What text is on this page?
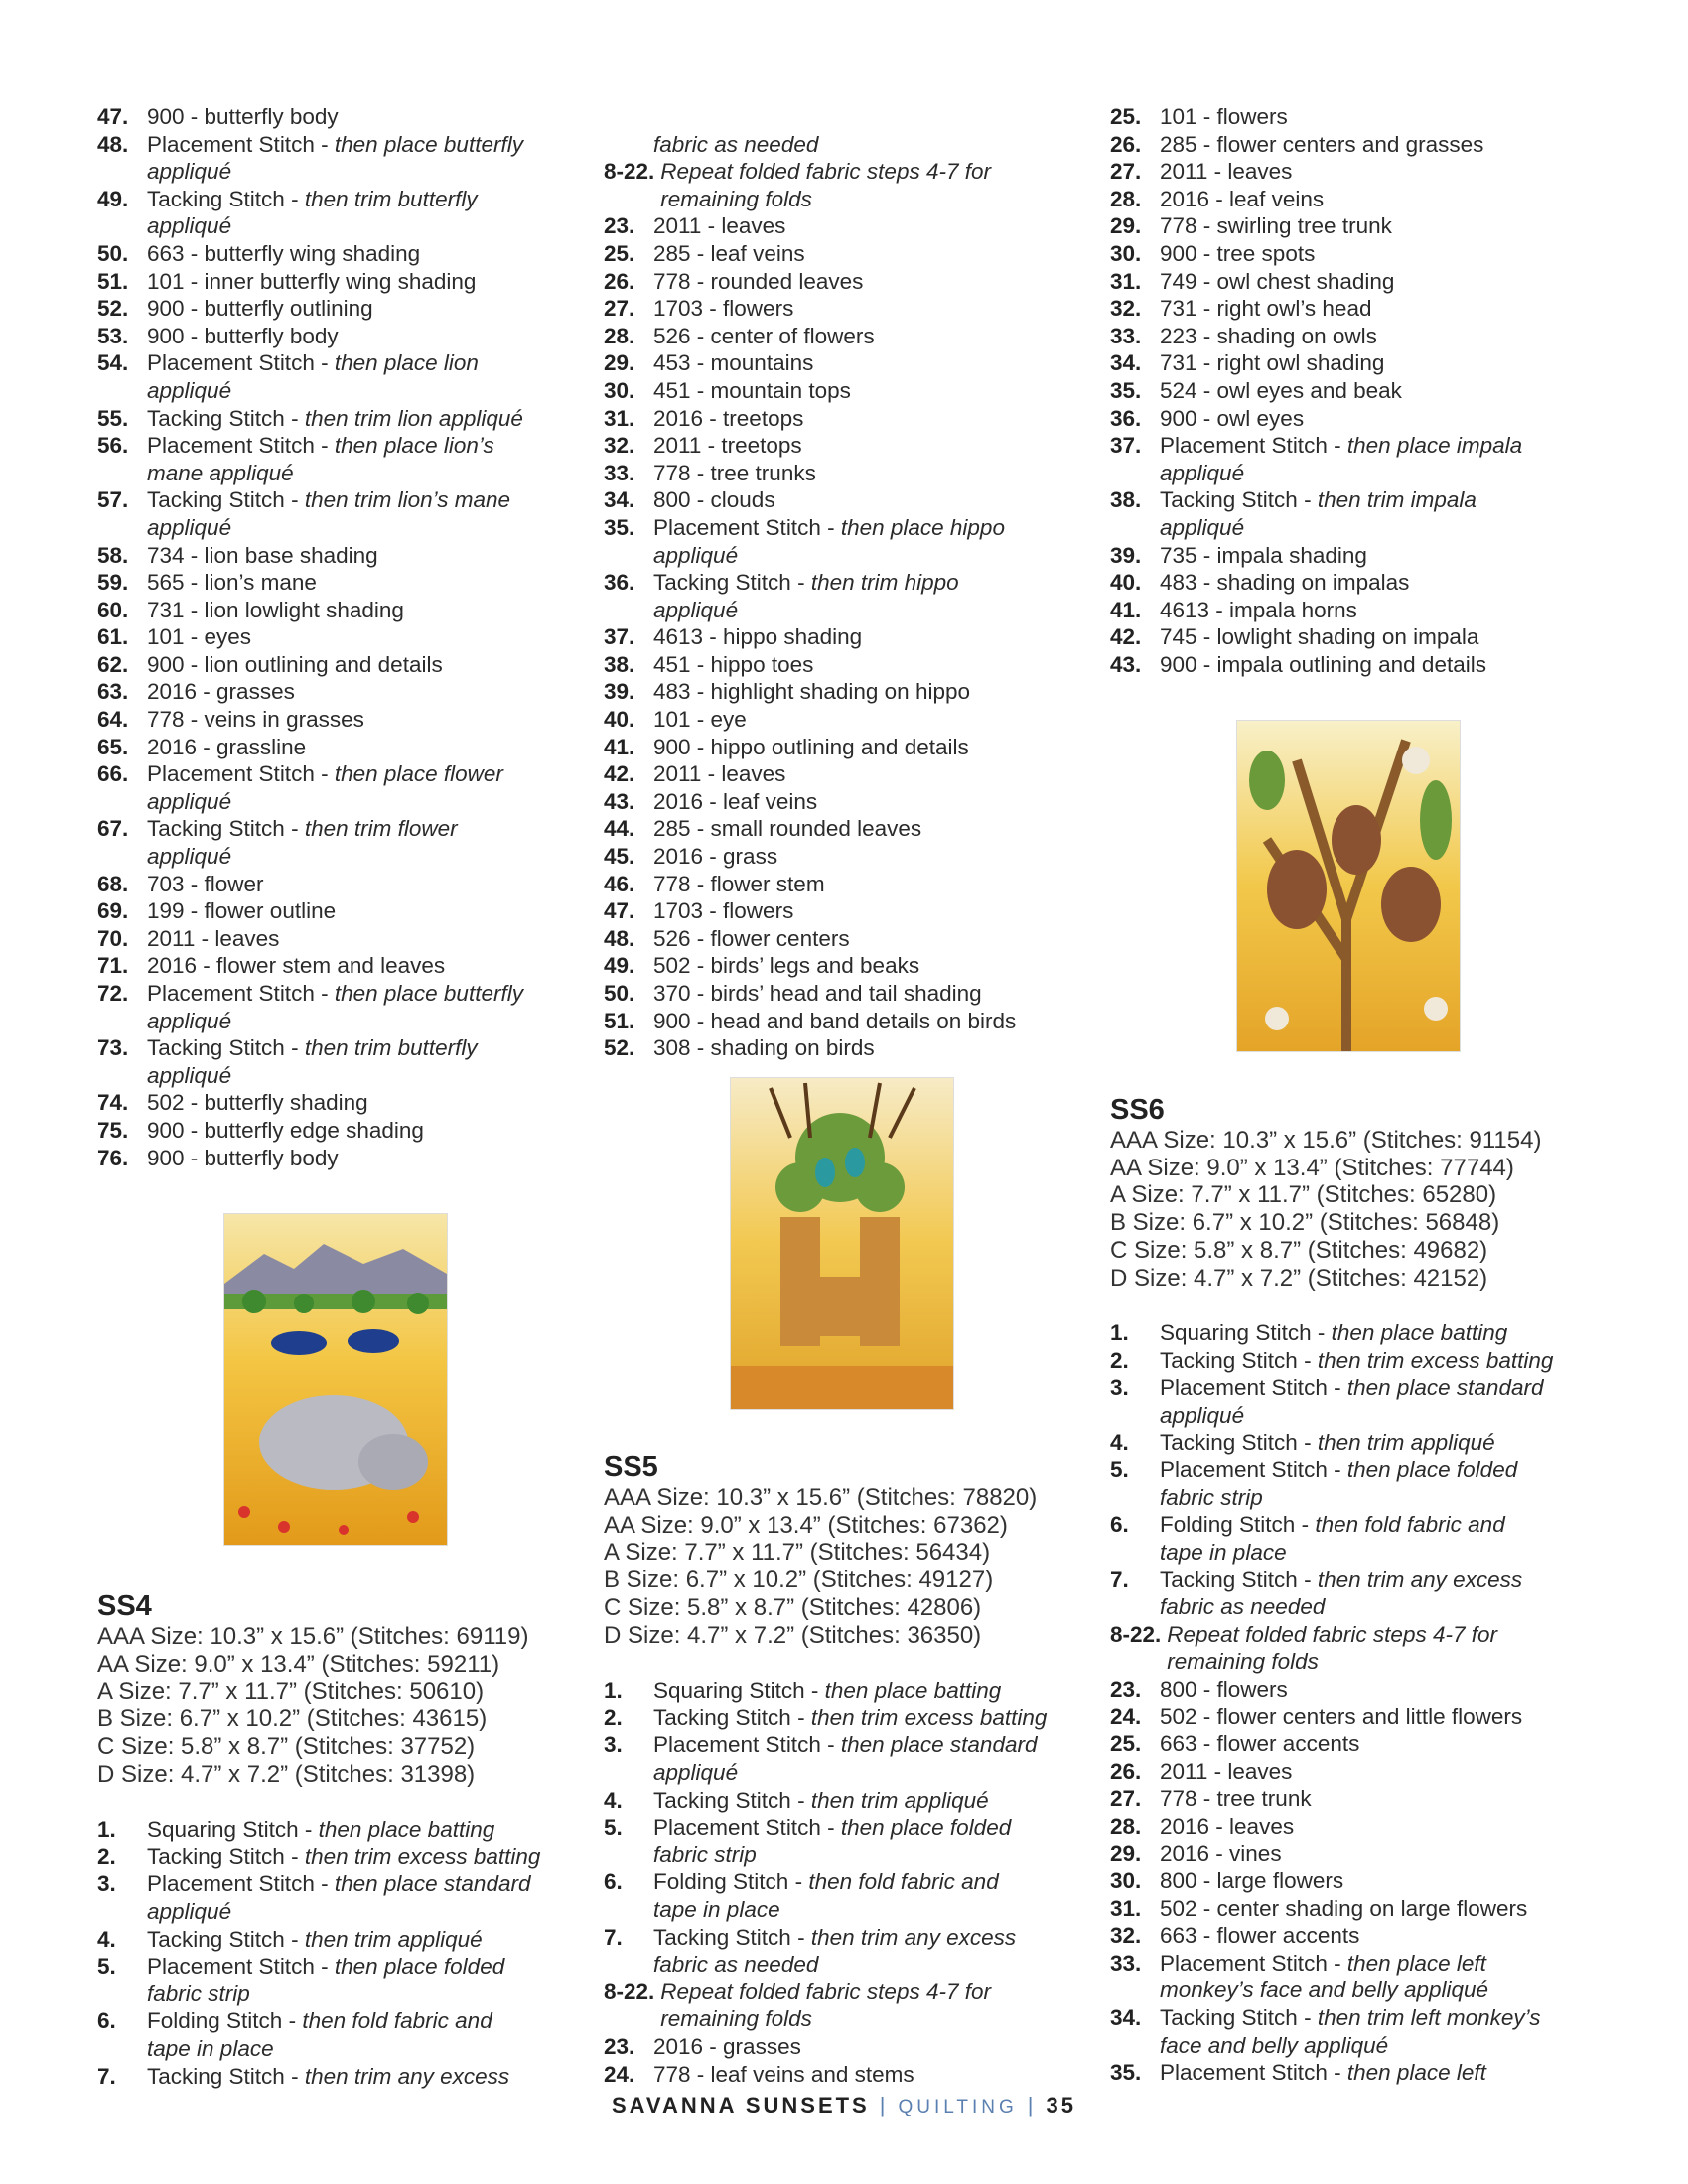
47. 900 - butterfly body
48. Placement Stitch - then place butterfly
appliqué
49. Tacking Stitch - then trim butterfly
appliqué
50. 663 - butterfly wing shading
51. 101 - inner butterfly wing shading
52. 900 - butterfly outlining
53. 900 - butterfly body
54. Placement Stitch - then place lion
appliqué
55. Tacking Stitch - then trim lion appliqué
56. Placement Stitch - then place lion’s
mane appliqué
57. Tacking Stitch - then trim lion’s mane
appliqué
58. 734 - lion base shading
59. 565 - lion’s mane
60. 731 - lion lowlight shading
61. 101 - eyes
62. 900 - lion outlining and details
63. 2016 - grasses
64. 778 - veins in grasses
65. 2016 - grassline
66. Placement Stitch - then place flower
appliqué
67. Tacking Stitch - then trim flower
appliqué
68. 703 - flower
69. 199 - flower outline
70. 2011 - leaves
71. 2016 - flower stem and leaves
72. Placement Stitch - then place butterfly
appliqué
73. Tacking Stitch - then trim butterfly
appliqué
74. 502 - butterfly shading
75. 900 - butterfly edge shading
76. 900 - butterfly body
SS4
AAA Size: 10.3” x 15.6” (Stitches: 69119)
AA Size: 9.0” x 13.4” (Stitches: 59211)
A Size: 7.7” x 11.7” (Stitches: 50610)
B Size: 6.7” x 10.2” (Stitches: 43615)
C Size: 5.8” x 8.7” (Stitches: 37752)
D Size: 4.7” x 7.2” (Stitches: 31398)
1.	Squaring Stitch - then place batting
2.	Tacking Stitch - then trim excess batting
3.	Placement Stitch - then place standard
appliqué
4.	Tacking Stitch - then trim appliqué
5.	Placement Stitch - then place folded
fabric strip
6.	Folding Stitch - then fold fabric and
tape in place
7.	Tacking Stitch - then trim any excess

fabric as needed
8-22. Repeat folded fabric steps 4-7 for
remaining folds
23. 2011 - leaves
25. 285 - leaf veins
26. 778 - rounded leaves
27. 1703 - flowers
28. 526 - center of flowers
29. 453 - mountains
30. 451 - mountain tops
31. 2016 - treetops
32. 2011 - treetops
33. 778 - tree trunks
34. 800 - clouds
35. Placement Stitch - then place hippo
appliqué
36. Tacking Stitch - then trim hippo
appliqué
37. 4613 - hippo shading
38. 451 - hippo toes
39. 483 - highlight shading on hippo
40. 101 - eye
41. 900 - hippo outlining and details
42. 2011 - leaves
43. 2016 - leaf veins
44. 285 - small rounded leaves
45. 2016 - grass
46. 778 - flower stem
47. 1703 - flowers
48. 526 - flower centers
49. 502 - birds’ legs and beaks
50. 370 - birds’ head and tail shading
51. 900 - head and band details on birds
52. 308 - shading on birds
SS5
AAA Size: 10.3” x 15.6” (Stitches: 78820)
AA Size: 9.0” x 13.4” (Stitches: 67362)
A Size: 7.7” x 11.7” (Stitches: 56434)
B Size: 6.7” x 10.2” (Stitches: 49127)
C Size: 5.8” x 8.7” (Stitches: 42806)
D Size: 4.7” x 7.2” (Stitches: 36350)
1.	Squaring Stitch - then place batting
2.	Tacking Stitch - then trim excess batting
3.	Placement Stitch - then place standard
appliqué
4.	Tacking Stitch - then trim appliqué
5.	Placement Stitch - then place folded
fabric strip
6.	Folding Stitch - then fold fabric and
tape in place
7.	Tacking Stitch - then trim any excess
fabric as needed
8-22. Repeat folded fabric steps 4-7 for
remaining folds
23. 2016 - grasses
24. 778 - leaf veins and stems
25. 101 - flowers
26. 285 - flower centers and grasses
27. 2011 - leaves
28. 2016 - leaf veins
29. 778 - swirling tree trunk
30. 900 - tree spots
31. 749 - owl chest shading
32. 731 - right owl’s head
33. 223 - shading on owls
34. 731 - right owl shading
35. 524 - owl eyes and beak
36. 900 - owl eyes
37. Placement Stitch - then place impala
appliqué
38. Tacking Stitch - then trim impala
appliqué
39. 735 - impala shading
40. 483 - shading on impalas
41. 4613 - impala horns
42. 745 - lowlight shading on impala
43. 900 - impala outlining and details
SS6
AAA Size: 10.3” x 15.6” (Stitches: 91154)
AA Size: 9.0” x 13.4” (Stitches: 77744)
A Size: 7.7” x 11.7” (Stitches: 65280)
B Size: 6.7” x 10.2” (Stitches: 56848)
C Size: 5.8” x 8.7” (Stitches: 49682)
D Size: 4.7” x 7.2” (Stitches: 42152)
1.	Squaring Stitch - then place batting
2.	Tacking Stitch - then trim excess batting
3.	Placement Stitch - then place standard
appliqué
4.	Tacking Stitch - then trim appliqué
5.	Placement Stitch - then place folded
fabric strip
6.	Folding Stitch - then fold fabric and
tape in place
7.	Tacking Stitch - then trim any excess
fabric as needed
8-22. Repeat folded fabric steps 4-7 for
remaining folds
23. 800 - flowers
24. 502 - flower centers and little flowers
25. 663 - flower accents
26. 2011 - leaves
27. 778 - tree trunk
28. 2016 - leaves
29. 2016 - vines
30. 800 - large flowers
31. 502 - center shading on large flowers
32. 663 - flower accents
33. Placement Stitch - then place left
monkey’s face and belly appliqué
34. Tacking Stitch - then trim left monkey’s
face and belly appliqué
35. Placement Stitch - then place left
SAVANNA SUNSETS | QUILTING | 35
